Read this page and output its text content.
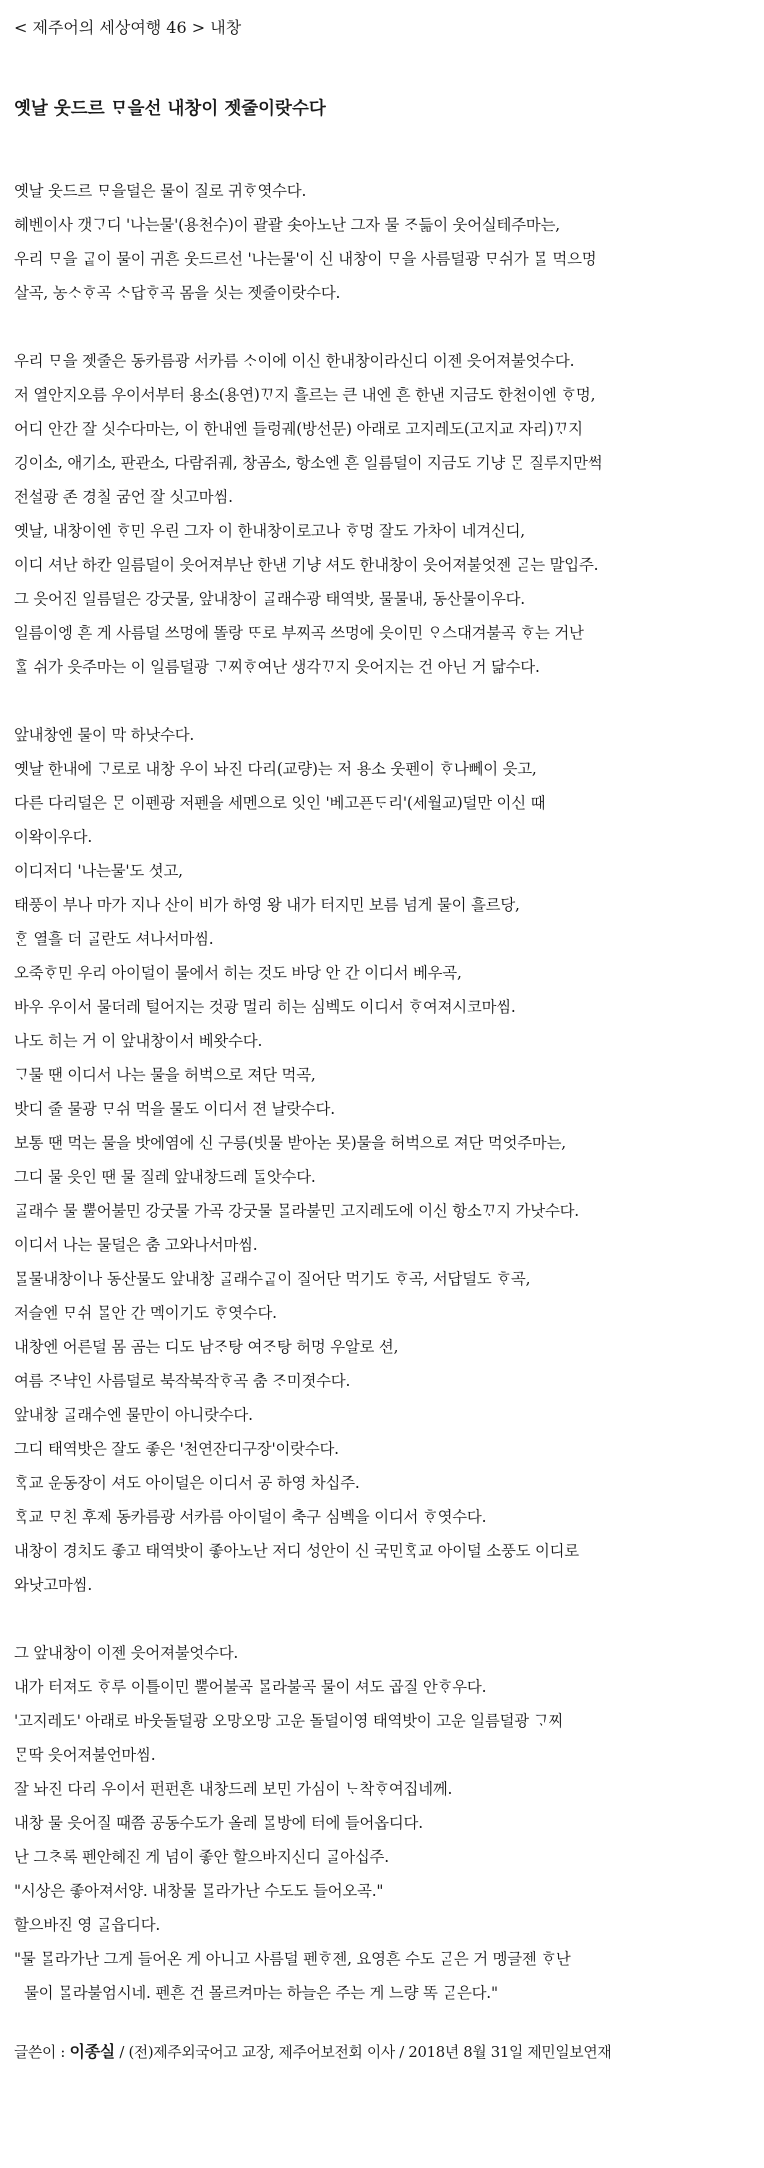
< 제주어의 세상여행 46 > 내창
옛날 웃드르 ᄆᆞ을선 내창이 젯줄이랏수다
옛날 웃드르 ᄆᆞ을덜은 물이 질로 귀ᄒᆞ엿수다.
헤벤이사 갯ᄀᆞ디 '나는물'(용천수)이 괄괄 솟아노난 그자 물 ᄌᆞ듦이 웃어실테주마는,
우리 ᄆᆞ을 ᄀᆞᇀ이 물이 귀흔 웃드르선 '나는물'이 신 내창이 ᄆᆞ을 사름덜광 ᄆᆞ쉬가 ᄆᆞᆯ 먹으멍
살곡, 농ᄉᆞᄒᆞ곡 ᄉᆞ답ᄒᆞ곡 몸을 싯는 젯줄이랏수다.
우리 ᄆᆞ을 젯줄은 동카름광 서카름 ᄉᆞ이에 이신 한내창이라신디 이젠 읏어져불엇수다.
저 열안지오름 우이서부터 용소(용연)ᄁᆞ지 흘르는 큰 내엔 흔 한낸 지금도 한천이엔 ᄒᆞ멍,
어디 안간 잘 싯수다마는, 이 한내엔 들렁궤(방선문) 아래로 고지레도(고지교 자리)ᄁᆞ지
깅이소, 애기소, 판관소, 다람쥐궤, 창곰소, 항소엔 흔 일름덜이 지금도 기냥 ᄆᆞᆫ 질루지만썩
전설광 존 경칠 굼언 잘 싯고마씸.
옛날, 내창이엔 ᄒᆞ민 우린 그자 이 한내창이로고나 ᄒᆞ멍 잘도 가차이 네겨신디,
이디 셔난 하칸 일름덜이 읏어져부난 한낸 기냥 셔도 한내창이 읏어져불엇젠 ᄀᆞᆮ는 말입주.
그 읏어진 일름덜은 강굿물, 앞내창이 ᄀᆞᆯ래수광 태역밧, 물물내, 동산물이우다.
일름이엥 흔 게 사름덜 쓰멍에 똘랑 ᄄᆞ로 부찌곡 쓰멍에 읏이민 ᄋᆞ스대겨불곡 ᄒᆞ는 거난
ᄒᆞᆯ 쉬가 읏주마는 이 일름덜광 ᄀᆞ찌ᄒᆞ여난 생각ᄁᆞ지 읏어지는 건 아닌 거 닮수다.
앞내창엔 물이 막 하낫수다.
옛날 한내에 ᄀᆞ로로 내창 우이 놔진 다리(교량)는 저 용소 웃펜이 ᄒᆞ나뻬이 읏고,
다른 다리덜은 ᄆᆞᆫ 이펜광 저펜을 세멘으로 잇인 '베고픈ᄃᆞ리'(세월교)덜만 이신 때
이왁이우다.
이디저디 '나는물'도 셧고,
태풍이 부나 마가 지나 산이 비가 하영 왕 내가 터지민 보름 넘게 물이 흘르당,
ᄒᆞᆫ 열흘 더 ᄀᆞᆯ란도 셔나서마씸.
오죽ᄒᆞ민 우리 아이덜이 물에서 히는 것도 바당 안 간 이디서 베우곡,
바우 우이서 물더레 털어지는 것광 멀리 히는 심벡도 이디서 ᄒᆞ여져시코마씸.
나도 히는 거 이 앞내창이서 베왓수다.
ᄀᆞ물 땐 이디서 나는 물을 허벅으로 져단 먹곡,
밧디 줄 물광 ᄆᆞ쉬 먹을 물도 이디서 젼 날랏수다.
보통 땐 먹는 물을 밧에염에 신 구릉(빗물 받아논 못)물을 허벅으로 져단 먹엇주마는,
그디 물 읏인 땐 물 질레 앞내창드레 ᄃᆞᆯ앗수다.
ᄀᆞᆯ래수 물 뿔어불민 강굿물 가곡 강굿물 ᄆᆞᆯ라불민 고지레도에 이신 항소ᄁᆞ지 가낫수다.
이디서 나는 물덜은 춤 고와나서마씸.
ᄆᆞᆯ물내창이나 동산물도 앞내창 ᄀᆞᆯ래수ᄀᆞᇀ이 질어단 먹기도 ᄒᆞ곡, 서답덜도 ᄒᆞ곡,
저슬엔 ᄆᆞ쉬 ᄆᆞᆯ안 간 멕이기도 ᄒᆞ엿수다.
내창엔 어른덜 몸 곰는 디도 남ᄌᆞ탕 여ᄌᆞ탕 허멍 우알로 션,
여름 ᄌᆞ냑인 사름덜로 북작북작ᄒᆞ곡 춤 ᄌᆞ미졋수다.
앞내창 ᄀᆞᆯ래수엔 물만이 아니랏수다.
그디 태역밧은 잘도 좋은 '천연잔디구장'이랏수다.
ᄒᆞᆨ교 운동장이 셔도 아이덜은 이디서 공 하영 차십주.
ᄒᆞᆨ교 ᄆᆞ친 후제 동카름광 서카름 아이덜이 축구 심벡을 이디서 ᄒᆞ엿수다.
내창이 경치도 좋고 태역밧이 좋아노난 저디 성안이 신 국민ᄒᆞᆨ교 아이덜 소풍도 이디로
와낫고마씸.
그 앞내창이 이젠 읏어져불엇수다.
내가 터져도 ᄒᆞ루 이틀이민 뿔어불곡 ᄆᆞᆯ라불곡 물이 셔도 곱질 안ᄒᆞ우다.
'고지레도' 아래로 바웃돌덜광 오망오망 고운 돌덜이영 태역밧이 고운 일름덜광 ᄀᆞ찌
ᄆᆞᆫ딱 읏어져불언마씸.
잘 놔진 다리 우이서 펀펀흔 내창드레 보민 가심이 ᄂᆞ착ᄒᆞ여집네께.
내창 물 읏어질 때쯤 공동수도가 올레 ᄆᆞᆯ방에 터에 들어옵디다.
난 그ᄎᆞ록 펜안헤진 게 넘이 좋안 할으바지신디 ᄀᆞᆯ아십주.
"시상은 좋아져서양. 내창물 ᄆᆞᆯ라가난 수도도 들어오곡."
할으바진 영 ᄀᆞᆯ읍디다.
"물 ᄆᆞᆯ라가난 그게 들어온 게 아니고 사름덜 펜ᄒᆞ젠, 요영흔 수도 ᄀᆞᆮ은 거 멩글젠 ᄒᆞ난
물이 ᄆᆞᆯ라불엄시네. 펜흔 건 몰르켜마는 하늘은 주는 게 느량 똑 ᄀᆞᆮ은다."
글쓴이 : 이종실 / (전)제주외국어고 교장, 제주어보전회 이사 / 2018년 8월 31일 제민일보연재
